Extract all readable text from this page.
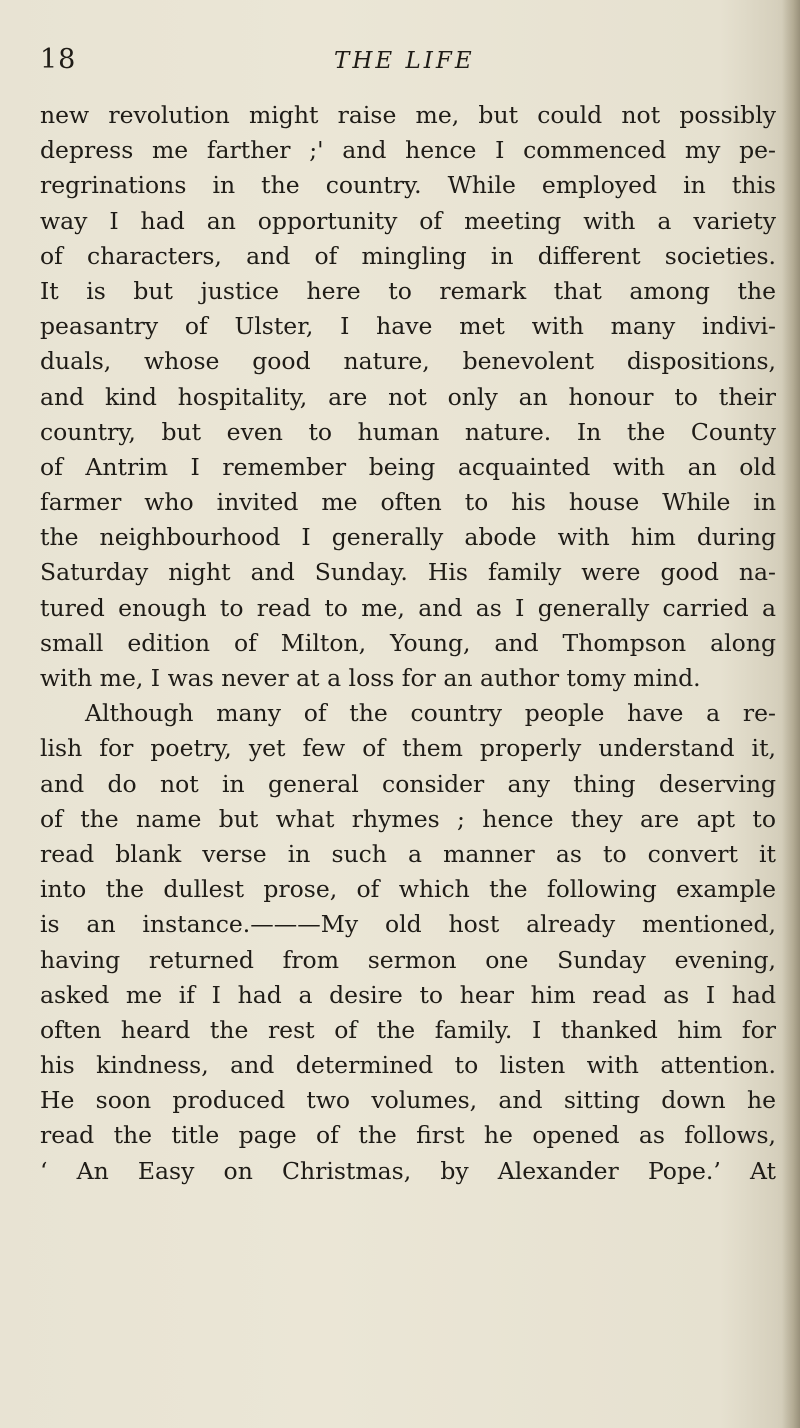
18	THE LIFE
new revolution might raise me, but could not possibly
depress me farther ;' and hence I commenced my pe-
regrinations in the country. While employed in this
way I had an opportunity of meeting with a variety
of characters, and of mingling in different societies.
It is but justice here to remark that among the
peasantry of Ulster, I have met with many indivi-
duals, whose good nature, benevolent dispositions,
and kind hospitality, are not only an honour to their
country, but even to human nature. In the County
of Antrim I remember being acquainted with an old
farmer who invited me often to his house While in
the neighbourhood I generally abode with him during
Saturday night and Sunday. His family were good na-
tured enough to read to me, and as I generally carried a
small edition of Milton, Young, and Thompson along
with me, I was never at a loss for an author tomy mind.
Although many of the country people have a re-
lish for poetry, yet few of them properly understand it,
and do not in general consider any thing deserving
of the name but what rhymes ; hence they are apt to
read blank verse in such a manner as to convert it
into the dullest prose, of which the following example
is an instance.———My old host already mentioned,
having returned from sermon one Sunday evening,
asked me if I had a desire to hear him read as I had
often heard the rest of the family. I thanked him for
his kindness, and determined to listen with attention.
He soon produced two volumes, and sitting down he
read the title page of the first he opened as follows,
‘ An Easy on Christmas, by Alexander Pope.’ At
